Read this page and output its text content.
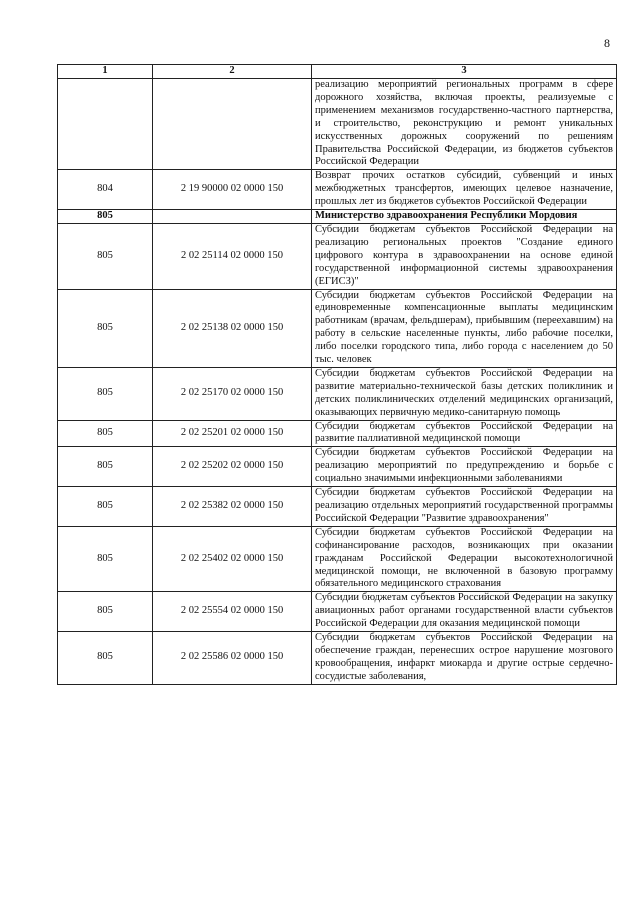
8
1	2	3
		реализацию мероприятий региональных программ в сфере дорожного хозяйства, включая проекты, реализуемые с применением механизмов государственно-частного партнерства, и строительство, реконструкцию и ремонт уникальных искусственных дорожных сооружений по решениям Правительства Российской Федерации, из бюджетов субъектов Российской Федерации
804	2 19 90000 02 0000 150	Возврат прочих остатков субсидий, субвенций и иных межбюджетных трансфертов, имеющих целевое назначение, прошлых лет из бюджетов субъектов Российской Федерации
805		Министерство здравоохранения Республики Мордовия
805	2 02 25114 02 0000 150	Субсидии бюджетам субъектов Российской Федерации на реализацию региональных проектов "Создание единого цифрового контура в здравоохранении на основе единой государственной информационной системы здравоохранения (ЕГИСЗ)"
805	2 02 25138 02 0000 150	Субсидии бюджетам субъектов Российской Федерации на единовременные компенсационные выплаты медицинским работникам (врачам, фельдшерам), прибывшим (переехавшим) на работу в сельские населенные пункты, либо рабочие поселки, либо поселки городского типа, либо города с населением до 50 тыс. человек
805	2 02 25170 02 0000 150	Субсидии бюджетам субъектов Российской Федерации на развитие материально-технической базы детских поликлиник и детских поликлинических отделений медицинских организаций, оказывающих первичную медико-санитарную помощь
805	2 02 25201 02 0000 150	Субсидии бюджетам субъектов Российской Федерации на развитие паллиативной медицинской помощи
805	2 02 25202 02 0000 150	Субсидии бюджетам субъектов Российской Федерации на реализацию мероприятий по предупреждению и борьбе с социально значимыми инфекционными заболеваниями
805	2 02 25382 02 0000 150	Субсидии бюджетам субъектов Российской Федерации на реализацию отдельных мероприятий государственной программы Российской Федерации "Развитие здравоохранения"
805	2 02 25402 02 0000 150	Субсидии бюджетам субъектов Российской Федерации на софинансирование расходов, возникающих при оказании гражданам Российской Федерации высокотехнологичной медицинской помощи, не включенной в базовую программу обязательного медицинского страхования
805	2 02 25554 02 0000 150	Субсидии бюджетам субъектов Российской Федерации на закупку авиационных работ органами государственной власти субъектов Российской Федерации для оказания медицинской помощи
805	2 02 25586 02 0000 150	Субсидии бюджетам субъектов Российской Федерации на обеспечение граждан, перенесших острое нарушение мозгового кровообращения, инфаркт миокарда и другие острые сердечно-сосудистые заболевания,
